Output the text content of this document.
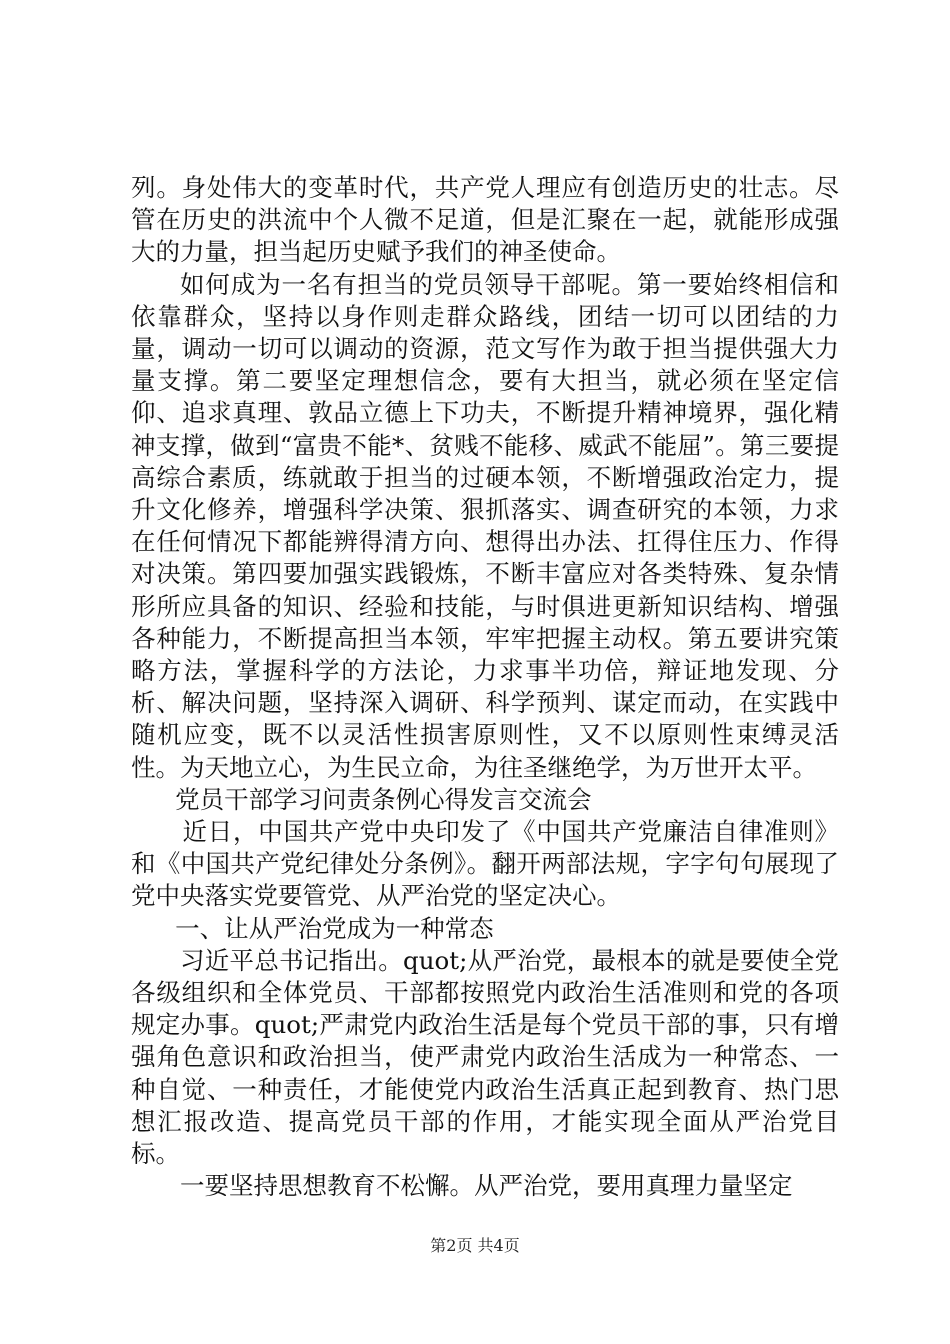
列。身处伟大的变革时代，共产党人理应有创造历史的壮志。尽管在历史的洪流中个人微不足道，但是汇聚在一起，就能形成强大的力量，担当起历史赋予我们的神圣使命。

如何成为一名有担当的党员领导干部呢。第一要始终相信和依靠群众，坚持以身作则走群众路线，团结一切可以团结的力量，调动一切可以调动的资源，范文写作为敢于担当提供强大力量支撑。第二要坚定理想信念，要有大担当，就必须在坚定信仰、追求真理、敦品立德上下功夫，不断提升精神境界，强化精神支撑，做到“富贵不能*、贫贱不能移、威武不能屈”。第三要提高综合素质，练就敢于担当的过硬本领，不断增强政治定力，提升文化修养，增强科学决策、狠抓落实、调查研究的本领，力求在任何情况下都能辨得清方向、想得出办法、扛得住压力、作得对决策。第四要加强实践锻炼，不断丰富应对各类特殊、复杂情形所应具备的知识、经验和技能，与时俱进更新知识结构、增强各种能力，不断提高担当本领，牢牢把握主动权。第五要讲究策略方法，掌握科学的方法论，力求事半功倍，辩证地发现、分析、解决问题，坚持深入调研、科学预判、谋定而动，在实践中随机应变，既不以灵活性损害原则性，又不以原则性束缚灵活性。为天地立心，为生民立命，为往圣继绝学，为万世开太平。

党员干部学习问责条例心得发言交流会

近日，中国共产党中央印发了《中国共产党廉洁自律准则》和《中国共产党纪律处分条例》。翻开两部法规，字字句句展现了党中央落实党要管党、从严治党的坚定决心。

一、让从严治党成为一种常态

习近平总书记指出。quot;从严治党，最根本的就是要使全党各级组织和全体党员、干部都按照党内政治生活准则和党的各项规定办事。quot;严肃党内政治生活是每个党员干部的事，只有增强角色意识和政治担当，使严肃党内政治生活成为一种常态、一种自觉、一种责任，才能使党内政治生活真正起到教育、热门思想汇报改造、提高党员干部的作用，才能实现全面从严治党目标。

一要坚持思想教育不松懈。从严治党，要用真理力量坚定

第2页 共4页
